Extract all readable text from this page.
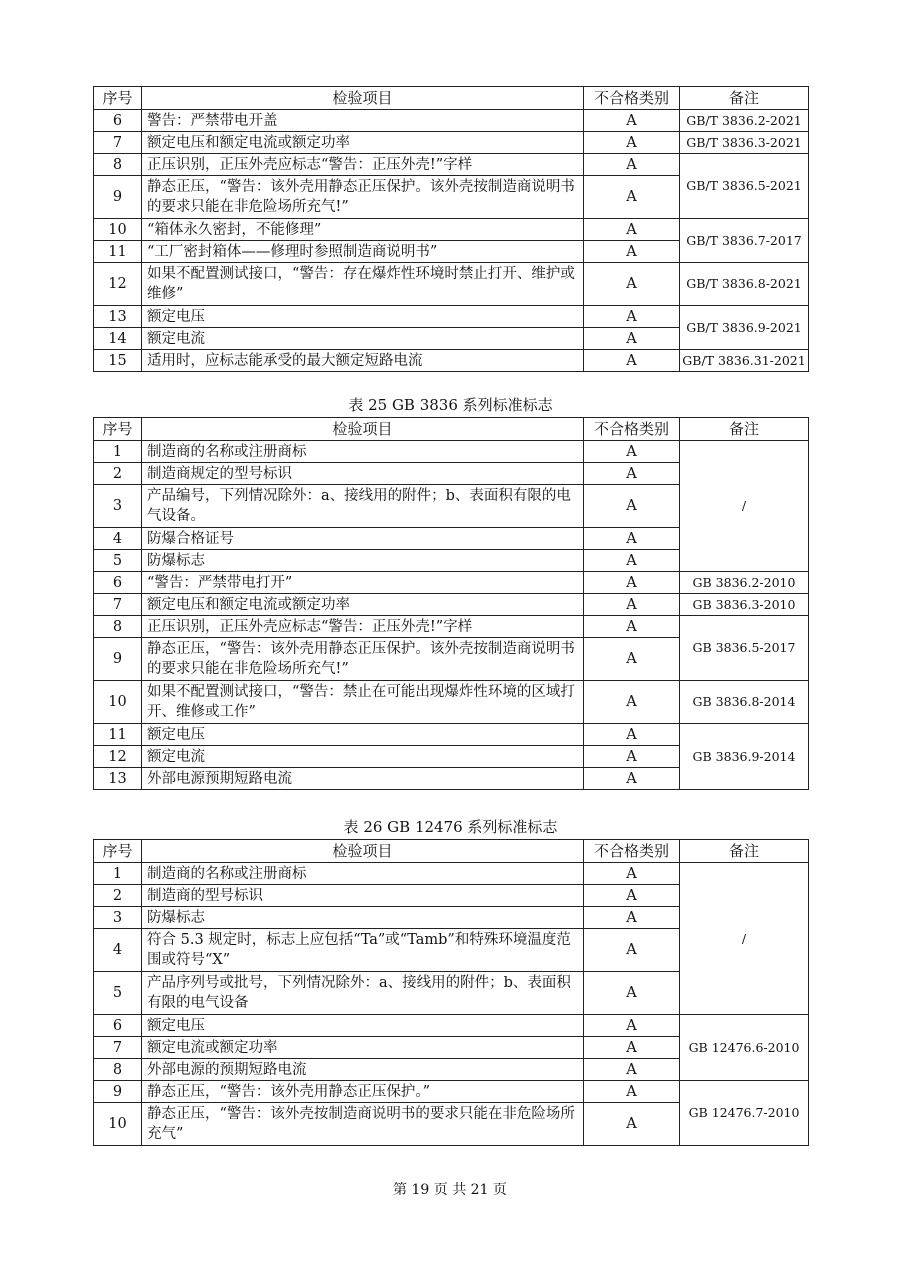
序号	检验项目	不合格类别	备注
6	警告：严禁带电开盖	A	GB/T 3836.2-2021
7	额定电压和额定电流或额定功率	A	GB/T 3836.3-2021
8	正压识别，正压外壳应标志“警告：正压外壳!”字样	A	GB/T 3836.5-2021
9	静态正压，“警告：该外壳用静态正压保护。该外壳按制造商说明书的要求只能在非危险场所充气!”	A	
10	“箱体永久密封，不能修理”	A	GB/T 3836.7-2017
11	“工厂密封箱体——修理时参照制造商说明书”	A	
12	如果不配置测试接口，“警告：存在爆炸性环境时禁止打开、维护或维修”	A	GB/T 3836.8-2021
13	额定电压	A	GB/T 3836.9-2021
14	额定电流	A	
15	适用时，应标志能承受的最大额定短路电流	A	GB/T 3836.31-2021
表 25 GB 3836 系列标准标志
序号	检验项目	不合格类别	备注
1	制造商的名称或注册商标	A	/
2	制造商规定的型号标识	A	
3	产品编号，下列情况除外：a、接线用的附件；b、表面积有限的电气设备。	A	
4	防爆合格证号	A	
5	防爆标志	A	
6	“警告：严禁带电打开”	A	GB 3836.2-2010
7	额定电压和额定电流或额定功率	A	GB 3836.3-2010
8	正压识别，正压外壳应标志“警告：正压外壳!”字样	A	GB 3836.5-2017
9	静态正压，“警告：该外壳用静态正压保护。该外壳按制造商说明书的要求只能在非危险场所充气!”	A	
10	如果不配置测试接口，“警告：禁止在可能出现爆炸性环境的区域打开、维修或工作”	A	GB 3836.8-2014
11	额定电压	A	GB 3836.9-2014
12	额定电流	A	
13	外部电源预期短路电流	A	
表 26 GB 12476 系列标准标志
序号	检验项目	不合格类别	备注
1	制造商的名称或注册商标	A	/
2	制造商的型号标识	A	
3	防爆标志	A	
4	符合 5.3 规定时，标志上应包括“Ta”或“Tamb”和特殊环境温度范围或符号“X”	A	
5	产品序列号或批号，下列情况除外：a、接线用的附件；b、表面积有限的电气设备	A	
6	额定电压	A	GB 12476.6-2010
7	额定电流或额定功率	A	
8	外部电源的预期短路电流	A	
9	静态正压，“警告：该外壳用静态正压保护。”	A	GB 12476.7-2010
10	静态正压，“警告：该外壳按制造商说明书的要求只能在非危险场所充气”	A	
第 19 页 共 21 页
